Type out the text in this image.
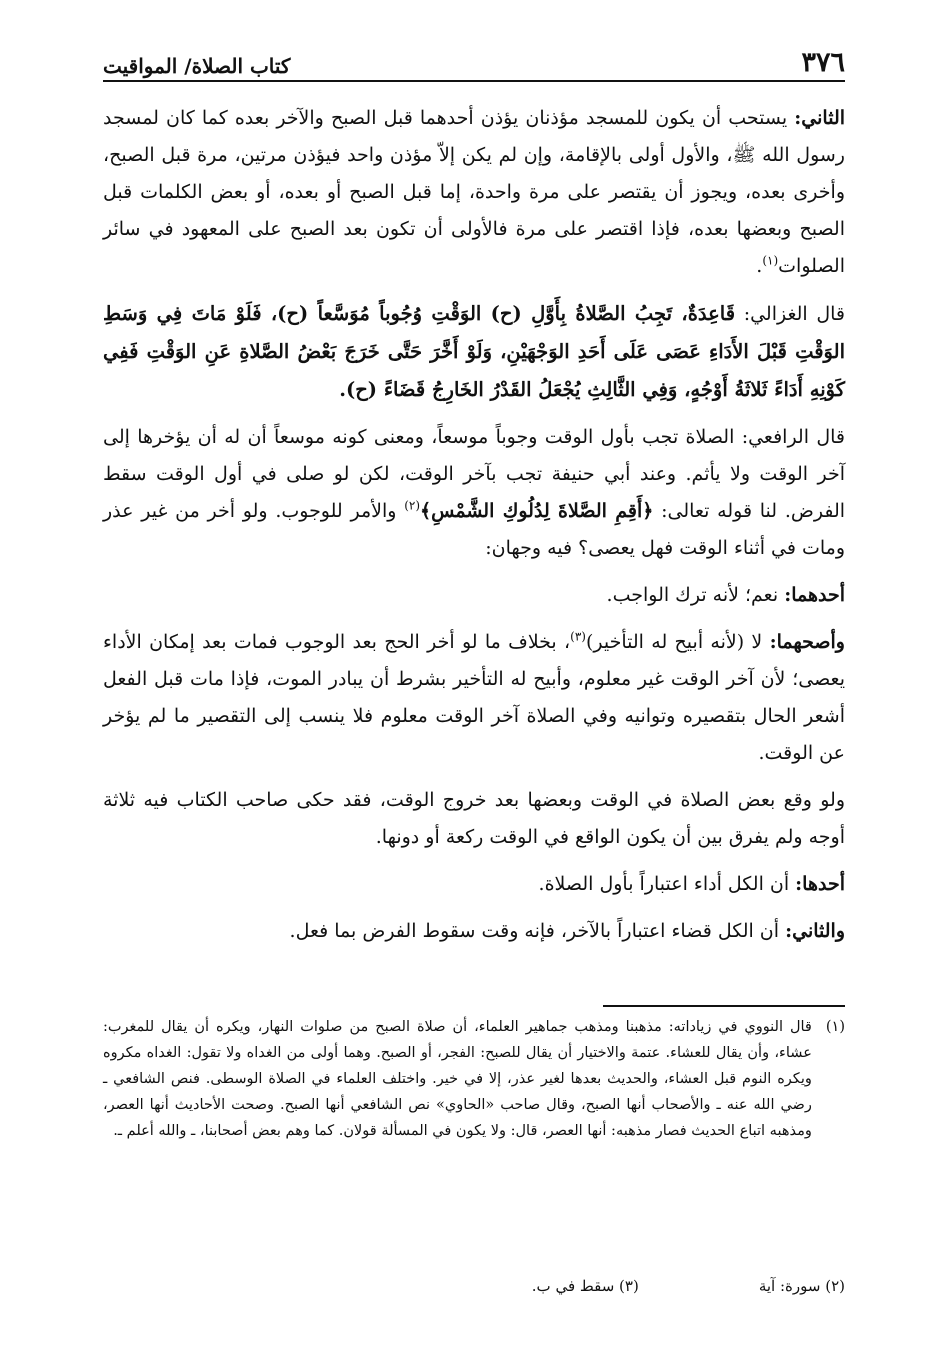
٣٧٦
كتاب الصلاة/ المواقيت

الثاني: يستحب أن يكون للمسجد مؤذنان يؤذن أحدهما قبل الصبح والآخر بعده كما كان لمسجد رسول الله ﷺ، والأول أولى بالإقامة، وإن لم يكن إلاّ مؤذن واحد فيؤذن مرتين، مرة قبل الصبح، وأخرى بعده، ويجوز أن يقتصر على مرة واحدة، إما قبل الصبح أو بعده، أو بعض الكلمات قبل الصبح وبعضها بعده، فإذا اقتصر على مرة فالأولى أن تكون بعد الصبح على المعهود في سائر الصلوات$^{(١)}$.

قال الغزالي: قَاعِدَةٌ، تَجِبُ الصَّلاةُ بِأَوَّلِ (ح) الوَقْتِ وُجُوباً مُوَسَّعاً (ح)، فَلَوْ مَاتَ فِي وَسَطِ الوَقْتِ قَبْلَ الأَدَاءِ عَصَى عَلَى أَحَدِ الوَجْهَيْنِ، وَلَوْ أَخَّرَ حَتَّى خَرَجَ بَعْضُ الصَّلاةِ عَنِ الوَقْتِ فَفِي كَوْنِهِ أَدَاءً ثَلاثَةُ أَوْجُهٍ، وَفِي الثَّالِثِ يُجْعَلُ القَدْرُ الخَارِجُ قَضَاءً (ح).

قال الرافعي: الصلاة تجب بأول الوقت وجوباً موسعاً، ومعنى كونه موسعاً أن له أن يؤخرها إلى آخر الوقت ولا يأثم. وعند أبي حنيفة تجب بآخر الوقت، لكن لو صلى في أول الوقت سقط الفرض. لنا قوله تعالى: ﴿أَقِمِ الصَّلاةَ لِدُلُوكِ الشَّمْسِ﴾$^{(٢)}$ والأمر للوجوب. ولو أخر من غير عذر ومات في أثناء الوقت فهل يعصى؟ فيه وجهان:

أحدهما: نعم؛ لأنه ترك الواجب.

وأصحهما: لا (لأنه أبيح له التأخير)$^{(٣)}$، بخلاف ما لو أخر الحج بعد الوجوب فمات بعد إمكان الأداء يعصى؛ لأن آخر الوقت غير معلوم، وأبيح له التأخير بشرط أن يبادر الموت، فإذا مات قبل الفعل أشعر الحال بتقصيره وتوانيه وفي الصلاة آخر الوقت معلوم فلا ينسب إلى التقصير ما لم يؤخر عن الوقت.

ولو وقع بعض الصلاة في الوقت وبعضها بعد خروج الوقت، فقد حكى صاحب الكتاب فيه ثلاثة أوجه ولم يفرق بين أن يكون الواقع في الوقت ركعة أو دونها.

أحدها: أن الكل أداء اعتباراً بأول الصلاة.

والثاني: أن الكل قضاء اعتباراً بالآخر، فإنه وقت سقوط الفرض بما فعل.

(١)
قال النووي في زياداته: مذهبنا ومذهب جماهير العلماء، أن صلاة الصبح من صلوات النهار، ويكره أن يقال للمغرب: عشاء، وأن يقال للعشاء. عتمة والاختيار أن يقال للصبح: الفجر، أو الصبح. وهما أولى من الغداه ولا تقول: الغداه مكروه ويكره النوم قبل العشاء، والحديث بعدها لغير عذر، إلا في خير. واختلف العلماء في الصلاة الوسطى. فنص الشافعي ـ رضي الله عنه ـ والأصحاب أنها الصبح، وقال صاحب «الحاوي» نص الشافعي أنها الصبح. وصحت الأحاديث أنها العصر، ومذهبه اتباع الحديث فصار مذهبه: أنها العصر، قال: ولا يكون في المسألة قولان. كما وهم بعض أصحابنا، ـ والله أعلم ـ.
(٢) سورة: آية
(٣) سقط في ب.
